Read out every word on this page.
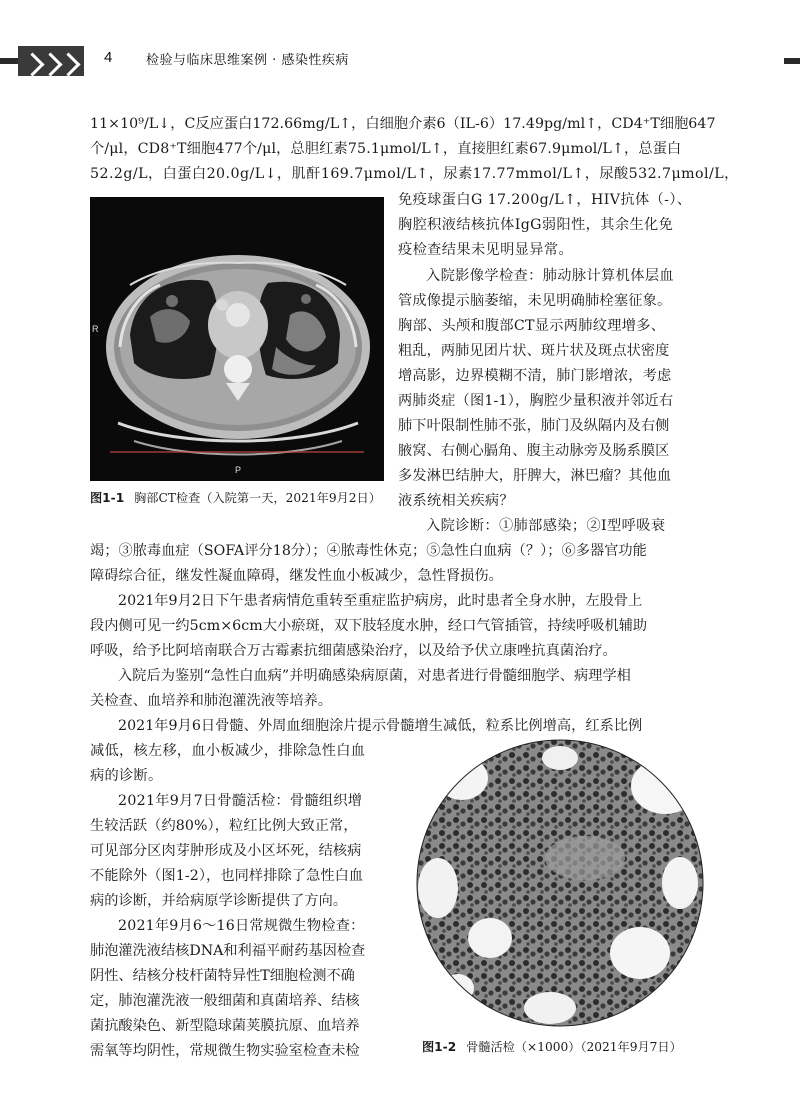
4	检验与临床思维案例 · 感染性疾病
11×10⁹/L↓，C反应蛋白172.66mg/L↑，白细胞介素6（IL-6）17.49pg/ml↑，CD4⁺T细胞647
个/μl，CD8⁺T细胞477个/μl，总胆红素75.1μmol/L↑，直接胆红素67.9μmol/L↑，总蛋白
52.2g/L，白蛋白20.0g/L↓，肌酐169.7μmol/L↑，尿素17.77mmol/L↑，尿酸532.7μmol/L，
R
P
图1-1 胸部CT检查（入院第一天，2021年9月2日）
免疫球蛋白G 17.200g/L↑，HIV抗体（-）、
胸腔积液结核抗体IgG弱阳性，其余生化免
疫检查结果未见明显异常。
入院影像学检查：肺动脉计算机体层血
管成像提示脑萎缩，未见明确肺栓塞征象。
胸部、头颅和腹部CT显示两肺纹理增多、
粗乱，两肺见团片状、斑片状及斑点状密度
增高影，边界模糊不清，肺门影增浓，考虑
两肺炎症（图1-1），胸腔少量积液并邻近右
肺下叶限制性肺不张，肺门及纵隔内及右侧
腋窝、右侧心膈角、腹主动脉旁及肠系膜区
多发淋巴结肿大，肝脾大，淋巴瘤？其他血
液系统相关疾病？
入院诊断：①肺部感染；②Ⅰ型呼吸衰
竭；③脓毒血症（SOFA评分18分）；④脓毒性休克；⑤急性白血病（？）；⑥多器官功能
障碍综合征，继发性凝血障碍，继发性血小板减少，急性肾损伤。
2021年9月2日下午患者病情危重转至重症监护病房，此时患者全身水肿，左股骨上
段内侧可见一约5cm×6cm大小瘀斑，双下肢轻度水肿，经口气管插管，持续呼吸机辅助
呼吸，给予比阿培南联合万古霉素抗细菌感染治疗，以及给予伏立康唑抗真菌治疗。
入院后为鉴别“急性白血病”并明确感染病原菌，对患者进行骨髓细胞学、病理学相
关检查、血培养和肺泡灌洗液等培养。
2021年9月6日骨髓、外周血细胞涂片提示骨髓增生减低，粒系比例增高，红系比例
减低，核左移，血小板减少，排除急性白血
病的诊断。
2021年9月7日骨髓活检：骨髓组织增
生较活跃（约80%），粒红比例大致正常，
可见部分区肉芽肿形成及小区坏死，结核病
不能除外（图1-2），也同样排除了急性白血
病的诊断，并给病原学诊断提供了方向。
2021年9月6～16日常规微生物检查：
肺泡灌洗液结核DNA和利福平耐药基因检查
阴性、结核分枝杆菌特异性T细胞检测不确
定，肺泡灌洗液一般细菌和真菌培养、结核
菌抗酸染色、新型隐球菌荚膜抗原、血培养
需氧等均阴性，常规微生物实验室检查未检	图1-2 骨髓活检（×1000）（2021年9月7日）
